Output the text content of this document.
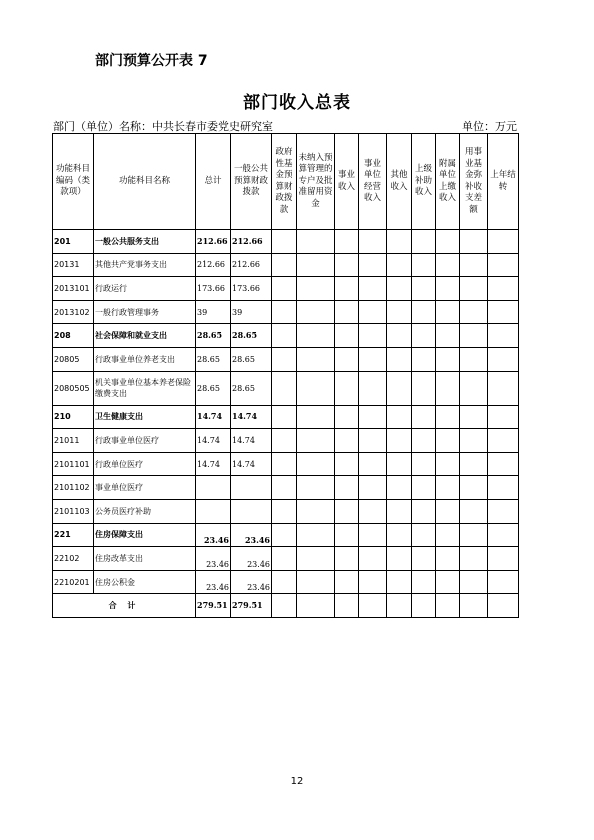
部门预算公开表 7
部门收入总表
部门（单位）名称：中共长春市委党史研究室	单位：万元
功能科目编码（类款项）	功能科目名称	总计	一般公共预算财政拨款	政府性基金预算财政拨款	未纳入预算管理的专户及批准留用资金	事业收入	事业单位经营收入	其他收入	上级补助收入	附属单位上缴收入	用事业基金弥补收支差额	上年结转
201	一般公共服务支出	212.66	212.66									
20131	其他共产党事务支出	212.66	212.66									
2013101	行政运行	173.66	173.66									
2013102	一般行政管理事务	39	39									
208	社会保障和就业支出	28.65	28.65									
20805	行政事业单位养老支出	28.65	28.65									
2080505	机关事业单位基本养老保险缴费支出	28.65	28.65									
210	卫生健康支出	14.74	14.74									
21011	行政事业单位医疗	14.74	14.74									
2101101	行政单位医疗	14.74	14.74									
2101102	事业单位医疗											
2101103	公务员医疗补助											
221	住房保障支出	23.46	23.46									
22102	住房改革支出	23.46	23.46									
2210201	住房公积金	23.46	23.46									
合 计		279.51	279.51									
12
